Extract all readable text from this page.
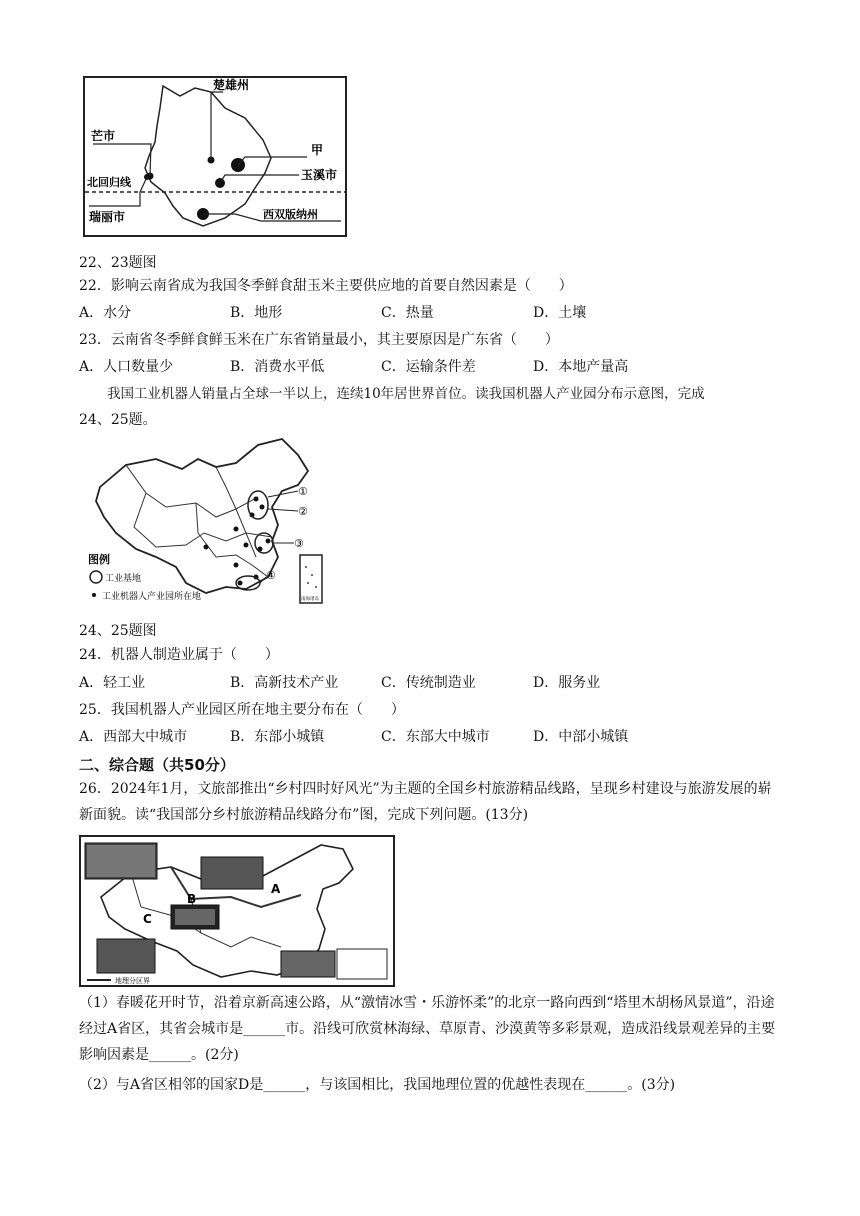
楚雄州
芒市
甲
北回归线
玉溪市
瑞丽市	西双版纳州
22、23题图
22．影响云南省成为我国冬季鲜食甜玉米主要供应地的首要自然因素是（　　）
A．水分	B．地形	C．热量	D．土壤
23．云南省冬季鲜食鲜玉米在广东省销量最小，其主要原因是广东省（　　）
A．人口数量少	B．消费水平低	C．运输条件差	D．本地产量高
我国工业机器人销量占全球一半以上，连续10年居世界首位。读我国机器人产业园分布示意图，完成
24、25题。
①
②
③
④
南海诸岛
图例
工业基地
工业机器人产业园所在地
24、25题图
24．机器人制造业属于（　　）
A．轻工业	B．高新技术产业	C．传统制造业	D．服务业
25．我国机器人产业园区所在地主要分布在（　　）
A．西部大中城市	B．东部小城镇	C．东部大中城市	D．中部小城镇
二、综合题（共50分）
26．2024年1月，文旅部推出“乡村四时好风光”为主题的全国乡村旅游精品线路，呈现乡村建设与旅游发展的崭新面貌。读“我国部分乡村旅游精品线路分布”图，完成下列问题。(13分)
A
B
C
地理分区界
（1）春暖花开时节，沿着京新高速公路，从“激情冰雪・乐游怀柔”的北京一路向西到“塔里木胡杨风景道”，沿途经过A省区，其省会城市是______市。沿线可欣赏林海绿、草原青、沙漠黄等多彩景观，造成沿线景观差异的主要影响因素是______。(2分)
（2）与A省区相邻的国家D是______，与该国相比，我国地理位置的优越性表现在______。(3分)
